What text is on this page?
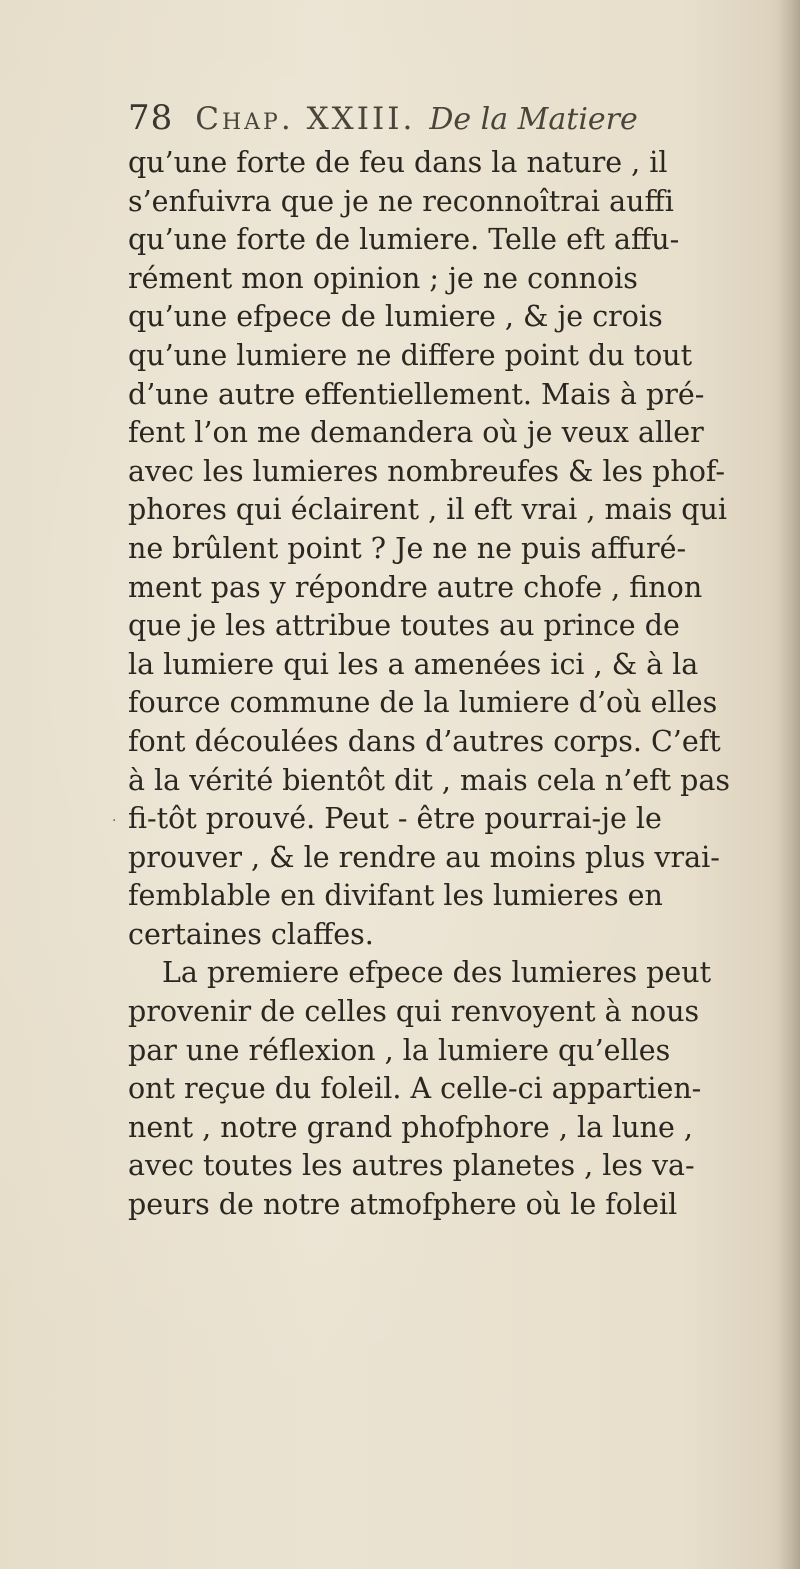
78 Chap. XXIII. De la Matiere
qu’une forte de feu dans la nature , il
s’enfuivra que je ne reconnoîtrai auffi
qu’une forte de lumiere. Telle eft affu-
rément mon opinion ; je ne connois
qu’une efpece de lumiere , & je crois
qu’une lumiere ne differe point du tout
d’une autre effentiellement. Mais à pré-
fent l’on me demandera où je veux aller
avec les lumieres nombreufes & les phof-
phores qui éclairent , il eft vrai , mais qui
ne brûlent point ? Je ne ne puis affuré-
ment pas y répondre autre chofe , finon
que je les attribue toutes au prince de
la lumiere qui les a amenées ici , & à la
fource commune de la lumiere d’où elles
font découlées dans d’autres corps. C’eft
à la vérité bientôt dit , mais cela n’eft pas
fi-tôt prouvé. Peut - être pourrai-je le
prouver , & le rendre au moins plus vrai-
femblable en divifant les lumieres en
certaines claffes.
La premiere efpece des lumieres peut
provenir de celles qui renvoyent à nous
par une réflexion , la lumiere qu’elles
ont reçue du foleil. A celle-ci appartien-
nent , notre grand phofphore , la lune ,
avec toutes les autres planetes , les va-
peurs de notre atmofphere où le foleil
·
